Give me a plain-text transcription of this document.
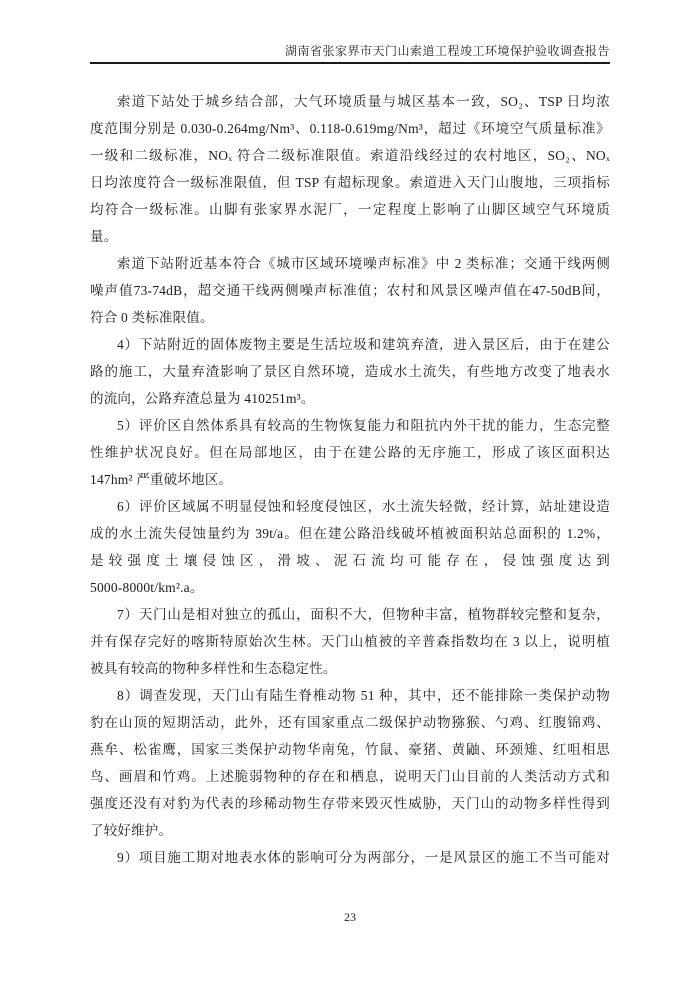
湖南省张家界市天门山索道工程竣工环境保护验收调查报告
索道下站处于城乡结合部，大气环境质量与城区基本一致，SO₂、TSP 日均浓
度范围分别是 0.030-0.264mg/Nm³、0.118-0.619mg/Nm³，超过《环境空气质量标准》
一级和二级标准，NOₓ 符合二级标准限值。索道沿线经过的农村地区，SO₂、NOₓ
日均浓度符合一级标准限值，但 TSP 有超标现象。索道进入天门山腹地，三项指标
均符合一级标准。山脚有张家界水泥厂，一定程度上影响了山脚区域空气环境质
量。
索道下站附近基本符合《城市区域环境噪声标准》中 2 类标准；交通干线两侧
噪声值73-74dB，超交通干线两侧噪声标准值；农村和风景区噪声值在47-50dB间，
符合 0 类标准限值。
4）下站附近的固体废物主要是生活垃圾和建筑弃渣，进入景区后，由于在建公
路的施工，大量弃渣影响了景区自然环境，造成水土流失，有些地方改变了地表水
的流向，公路弃渣总量为 410251m³。
5）评价区自然体系具有较高的生物恢复能力和阻抗内外干扰的能力，生态完整
性维护状况良好。但在局部地区，由于在建公路的无序施工，形成了该区面积达
147hm² 严重破坏地区。
6）评价区域属不明显侵蚀和轻度侵蚀区，水土流失轻微，经计算，站址建设造
成的水土流失侵蚀量约为 39t/a。但在建公路沿线破坏植被面积站总面积的 1.2%，
是较强度土壤侵蚀区，滑坡、泥石流均可能存在，侵蚀强度达到
5000-8000t/km².a。
7）天门山是相对独立的孤山，面积不大，但物种丰富，植物群较完整和复杂，
并有保存完好的喀斯特原始次生林。天门山植被的辛普森指数均在 3 以上，说明植
被具有较高的物种多样性和生态稳定性。
8）调查发现，天门山有陆生脊椎动物 51 种，其中，还不能排除一类保护动物
豹在山顶的短期活动，此外，还有国家重点二级保护动物猕猴、勺鸡、红腹锦鸡、
燕牟、松雀鹰，国家三类保护动物华南兔，竹鼠、豪猪、黄鼬、环颈雉、红咀相思
鸟、画眉和竹鸡。上述脆弱物种的存在和栖息，说明天门山目前的人类活动方式和
强度还没有对豹为代表的珍稀动物生存带来毁灭性威胁，天门山的动物多样性得到
了较好维护。
9）项目施工期对地表水体的影响可分为两部分，一是风景区的施工不当可能对
23
